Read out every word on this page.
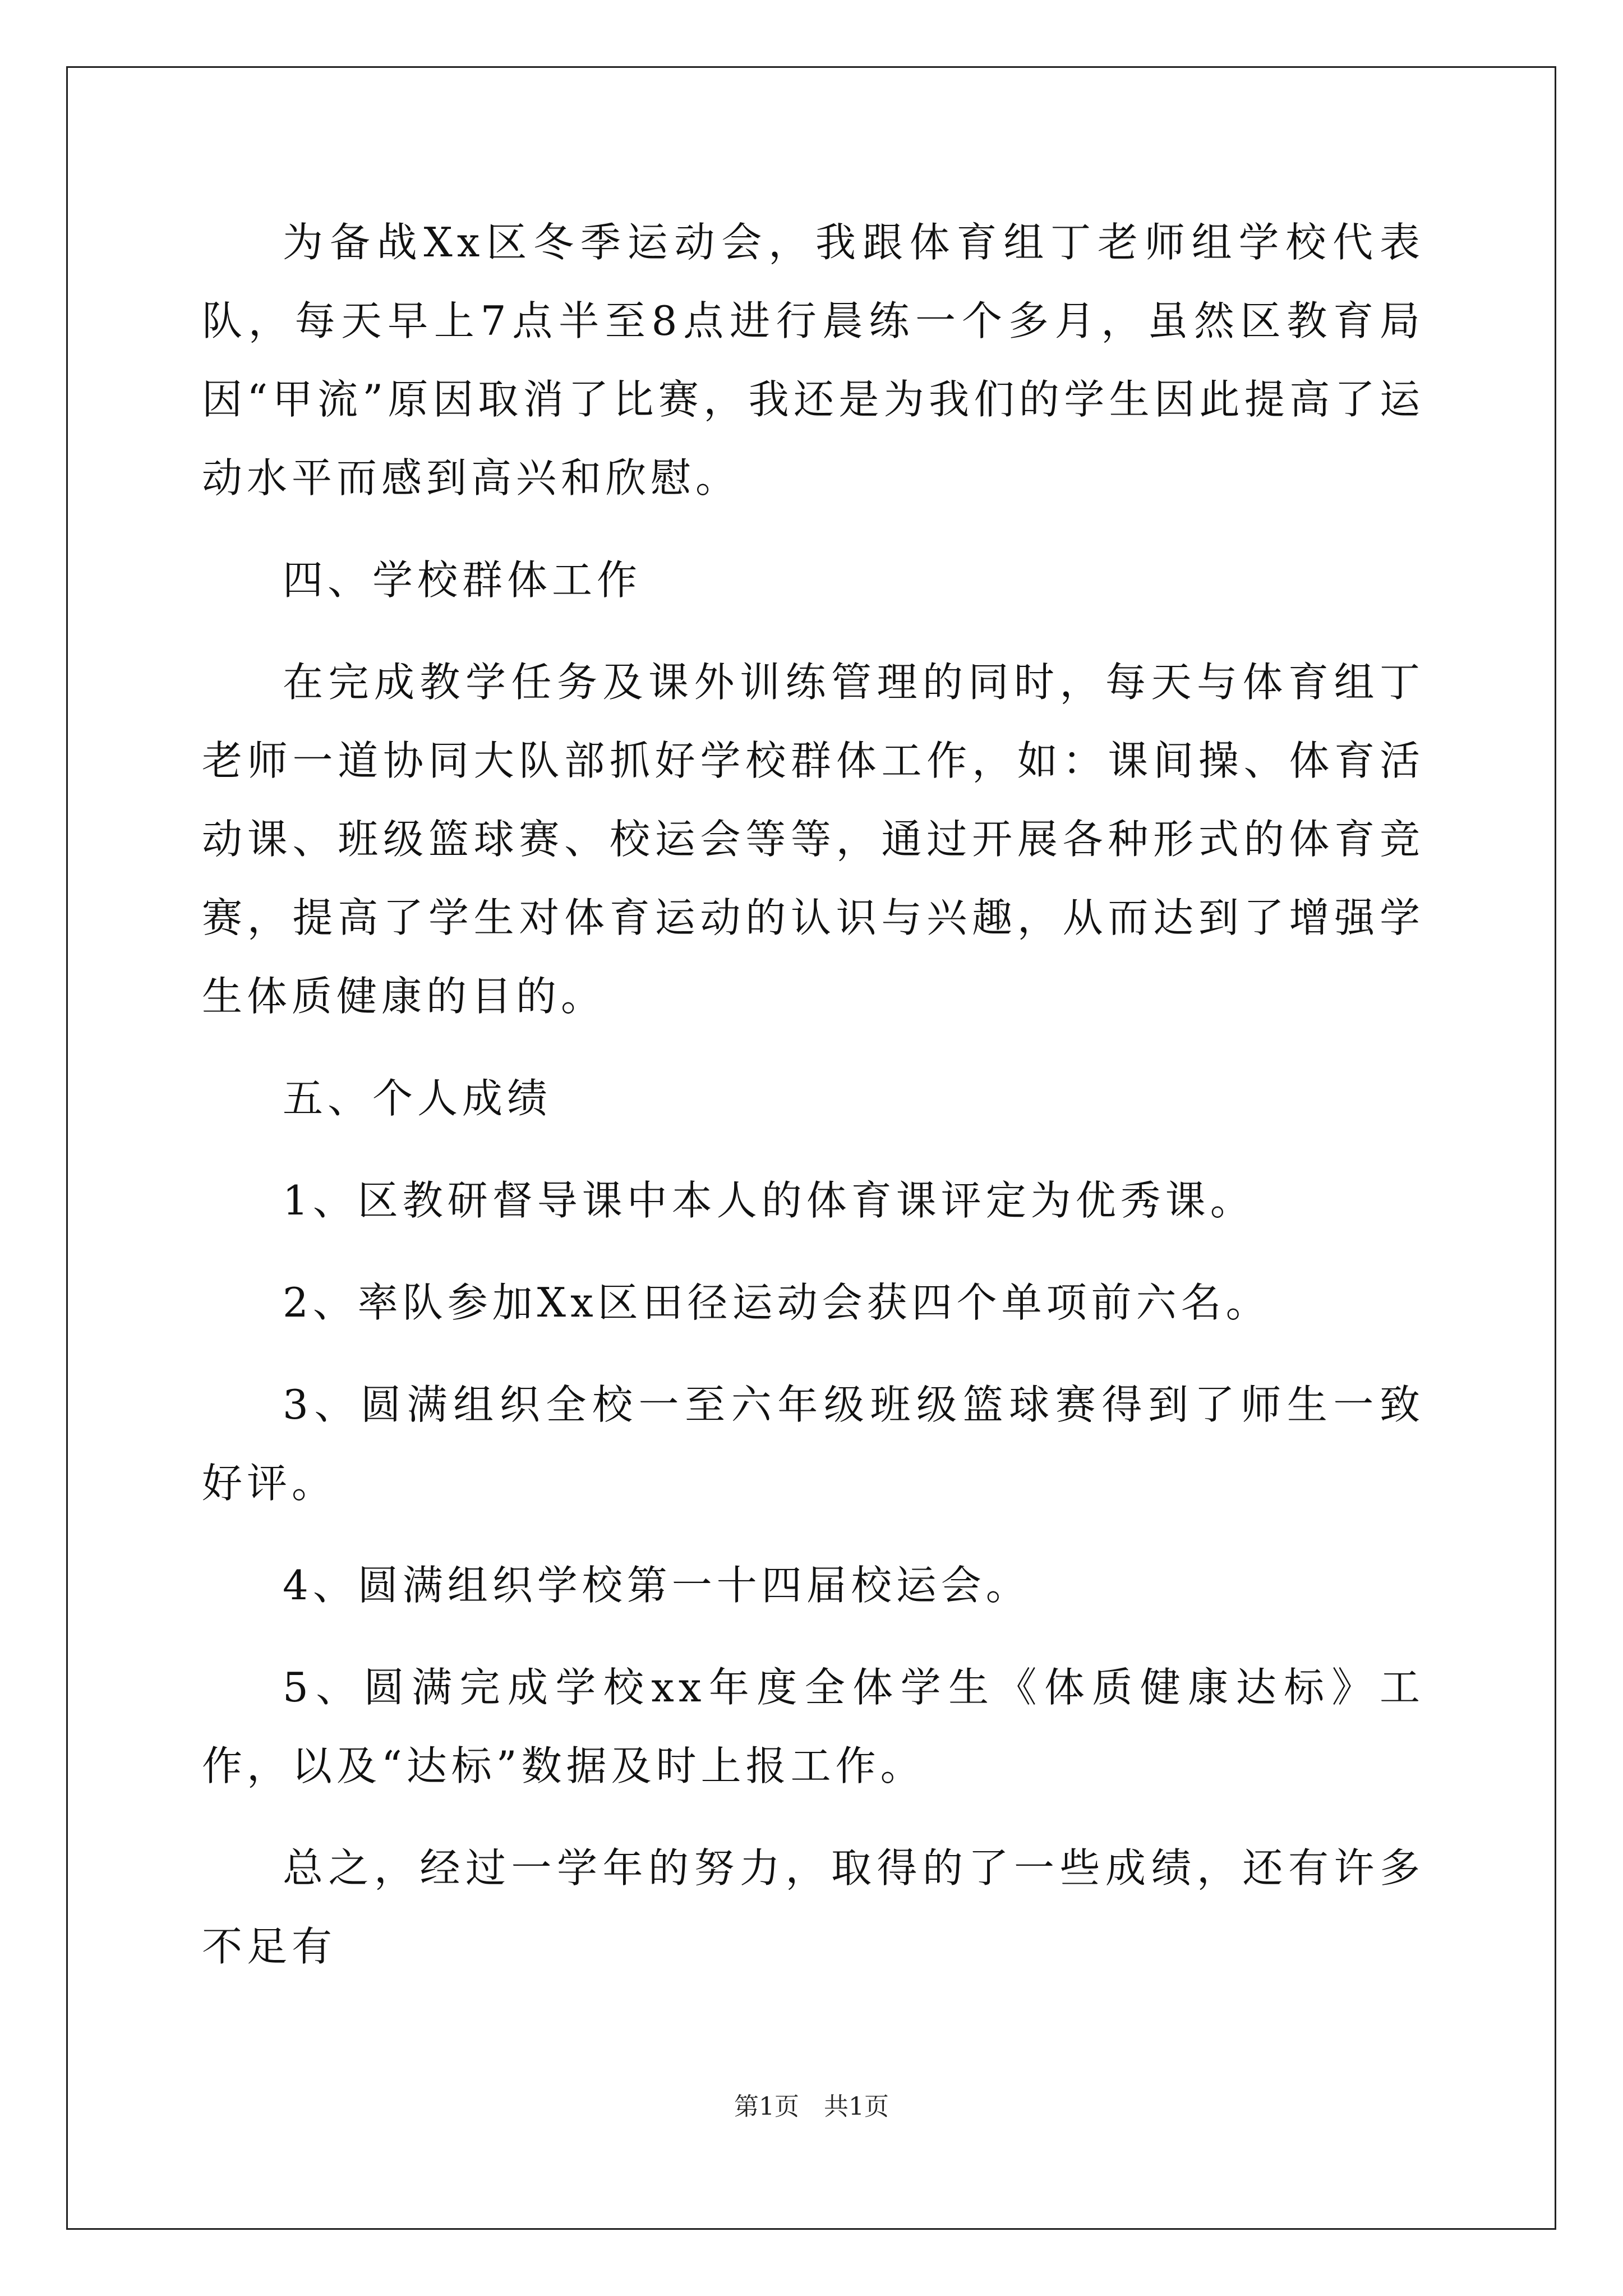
为备战Xx区冬季运动会，我跟体育组丁老师组学校代表队，每天早上7点半至8点进行晨练一个多月，虽然区教育局因“甲流”原因取消了比赛，我还是为我们的学生因此提高了运动水平而感到高兴和欣慰。

四、学校群体工作

在完成教学任务及课外训练管理的同时，每天与体育组丁老师一道协同大队部抓好学校群体工作，如：课间操、体育活动课、班级篮球赛、校运会等等，通过开展各种形式的体育竞赛，提高了学生对体育运动的认识与兴趣，从而达到了增强学生体质健康的目的。

五、个人成绩

1、区教研督导课中本人的体育课评定为优秀课。

2、率队参加Xx区田径运动会获四个单项前六名。

3、圆满组织全校一至六年级班级篮球赛得到了师生一致好评。

4、圆满组织学校第一十四届校运会。

5、圆满完成学校xx年度全体学生《体质健康达标》工作，以及“达标”数据及时上报工作。

总之，经过一学年的努力，取得的了一些成绩，还有许多不足有

第1页　共1页
